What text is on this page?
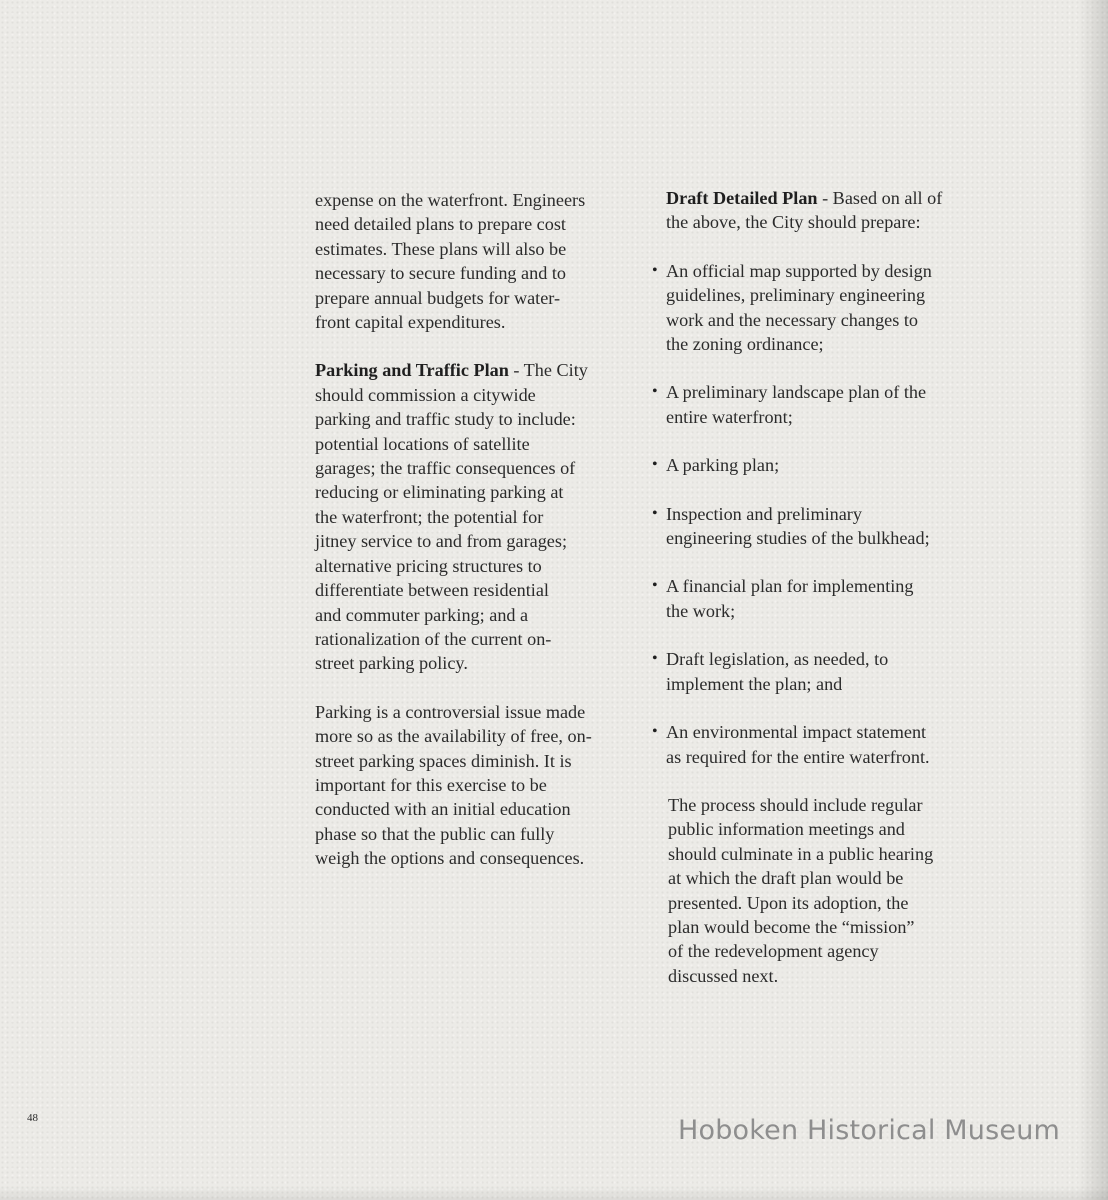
expense on the waterfront. Engineers

need detailed plans to prepare cost

estimates. These plans will also be

necessary to secure funding and to

prepare annual budgets for water-

front capital expenditures.

Parking and Traffic Plan - The City

should commission a citywide

parking and traffic study to include:

potential locations of satellite

garages; the traffic consequences of

reducing or eliminating parking at

the waterfront; the potential for

jitney service to and from garages;

alternative pricing structures to

differentiate between residential

and commuter parking; and a

rationalization of the current on-

street parking policy.

Parking is a controversial issue made

more so as the availability of free, on-

street parking spaces diminish. It is

important for this exercise to be

conducted with an initial education

phase so that the public can fully

weigh the options and consequences.

Draft Detailed Plan - Based on all of

the above, the City should prepare:

• An official map supported by design

guidelines, preliminary engineering

work and the necessary changes to

the zoning ordinance;

• A preliminary landscape plan of the

entire waterfront;

• A parking plan;

• Inspection and preliminary

engineering studies of the bulkhead;

• A financial plan for implementing

the work;

• Draft legislation, as needed, to

implement the plan; and

• An environmental impact statement

as required for the entire waterfront.

The process should include regular

public information meetings and

should culminate in a public hearing

at which the draft plan would be

presented. Upon its adoption, the

plan would become the “mission”

of the redevelopment agency

discussed next.

48	Hoboken Historical Museum
